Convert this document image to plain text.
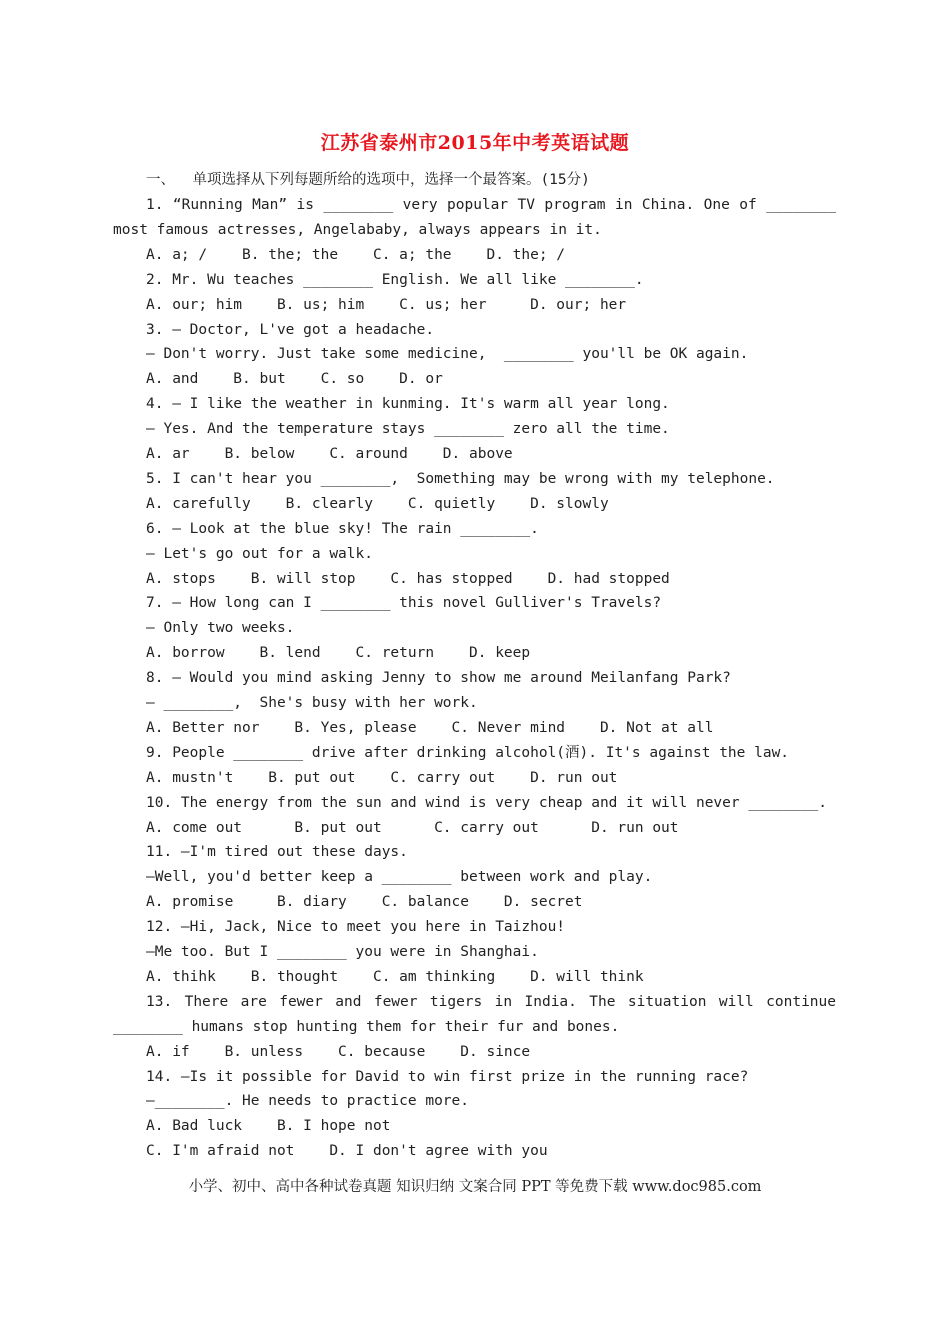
江苏省泰州市2015年中考英语试题
一、  单项选择从下列每题所给的选项中，选择一个最答案。(15分)
1. “Running Man” is ________ very popular TV program in China. One of ________
most famous actresses, Angelababy, always appears in it.
A. a; /    B. the; the    C. a; the    D. the; /
2. Mr. Wu teaches ________ English. We all like ________.
A. our; him    B. us; him    C. us; her     D. our; her
3. — Doctor, L've got a headache.
— Don't worry. Just take some medicine,  ________ you'll be OK again.
A. and    B. but    C. so    D. or
4. — I like the weather in kunming. It's warm all year long.
— Yes. And the temperature stays ________ zero all the time.
A. ar    B. below    C. around    D. above
5. I can't hear you ________,  Something may be wrong with my telephone.
A. carefully    B. clearly    C. quietly    D. slowly
6. — Look at the blue sky! The rain ________.
— Let's go out for a walk.
A. stops    B. will stop    C. has stopped    D. had stopped
7. — How long can I ________ this novel Gulliver's Travels?
— Only two weeks.
A. borrow    B. lend    C. return    D. keep
8. — Would you mind asking Jenny to show me around Meilanfang Park?
— ________,  She's busy with her work.
A. Better nor    B. Yes, please    C. Never mind    D. Not at all
9. People ________ drive after drinking alcohol(酒). It's against the law.
A. mustn't    B. put out    C. carry out    D. run out
10. The energy from the sun and wind is very cheap and it will never ________.
A. come out      B. put out      C. carry out      D. run out
11. —I'm tired out these days.
—Well, you'd better keep a ________ between work and play.
A. promise     B. diary    C. balance    D. secret
12. —Hi, Jack, Nice to meet you here in Taizhou!
—Me too. But I ________ you were in Shanghai.
A. thihk    B. thought    C. am thinking    D. will think
13. There are fewer and fewer tigers in India. The situation will continue
________ humans stop hunting them for their fur and bones.
A. if    B. unless    C. because    D. since
14. —Is it possible for David to win first prize in the running race?
—________. He needs to practice more.
A. Bad luck    B. I hope not
C. I'm afraid not    D. I don't agree with you
小学、初中、高中各种试卷真题 知识归纳 文案合同 PPT 等免费下载 www.doc985.com
